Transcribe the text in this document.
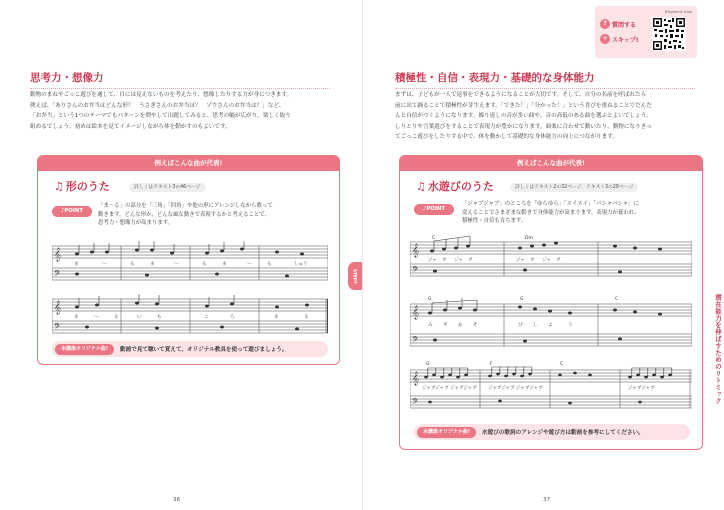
思考力・想像力
動物のまねやごっこ遊びを通して、目には見えないものを考えたり、想像したりする力が身につきます。
例えば、「ありさんのお弁当はどんな形？　うさぎさんのお弁当は？　ゾウさんのお弁当は？」など、
「お弁当」という1つのテーマでもパターンを増やして出題してみると、思考の幅が広がり、楽しく取り
組めるでしょう。初めは絵本を見てイメージしながら体を動かすのもよいです。
例えばこんな曲が代表!
♫ 形のうた	詳しくはテキスト3の46ページ
♪POINT
「ま～る」の部分を「三角」「四角」や他の形にアレンジしながら歌って
動きます。どんな形か、どんな風な動きで表現するかと考えることで、
思考力・想像力が高まります。
𝄞
𝄢
𝄞
𝄢
ま	～	る	ま	～	る	ま	～	る	しゅう
ま	～	る	い	も	こ	ろ	ま	る
本講座オリジナル曲!	動画で見て聴いて覚えて、オリジナル教具を使って遊びましょう。
36
Rhythmic Kids
? 質問する
+ スキップ!
積極性・自信・表現力・基礎的な身体能力
まずは、子どもが一人で返事をできるようになることが大切です。そして、自分の名前を呼ばれたら
前に出て踊ることで積極性が芽生えます。「できた！」「分かった！」という喜びを重ねることでだんだ
んと自信がつくようになります。繰り返しの音が多い曲や、音の高低のある曲を選ぶとよいでしょう。
しりとりや言葉遊びをすることで表現力が豊かになります。曲楽に合わせて動いたり、動物になりきっ
てごっこ遊びをしたりする中で、体を動かして基礎的な身体能力の向上につながります。
例えばこんな曲が代表!
♫ 水遊びのうた	詳しくはテキスト2の32ページ、テキスト3の28ページ
♪POINT
「ジャブジャブ」のところを「ゆらゆら」「スイスイ」「バシャバシャ」に
変えることでさまざまな動きで身体能力が高まります。表現力が養われ、
積極性・自信も育ちます。
𝄞
𝄢
𝄞
𝄢
𝄞
𝄢
C	Dm
G	G	C
G	F	C
ジャ ブ ジャ ブ	ジャ ブ ジャ ブ
み ず あ そ	び し よ	う
ジャブジャブ ジャブジャブ	ジャブジャブ ジャブジャブ	ジャブジャブ
本講座オリジナル曲!	水遊びの歌詞のアレンジや遊び方は動画を参考にしてください。
37
STEP7
潜在能力を伸ばすためのリトミック
